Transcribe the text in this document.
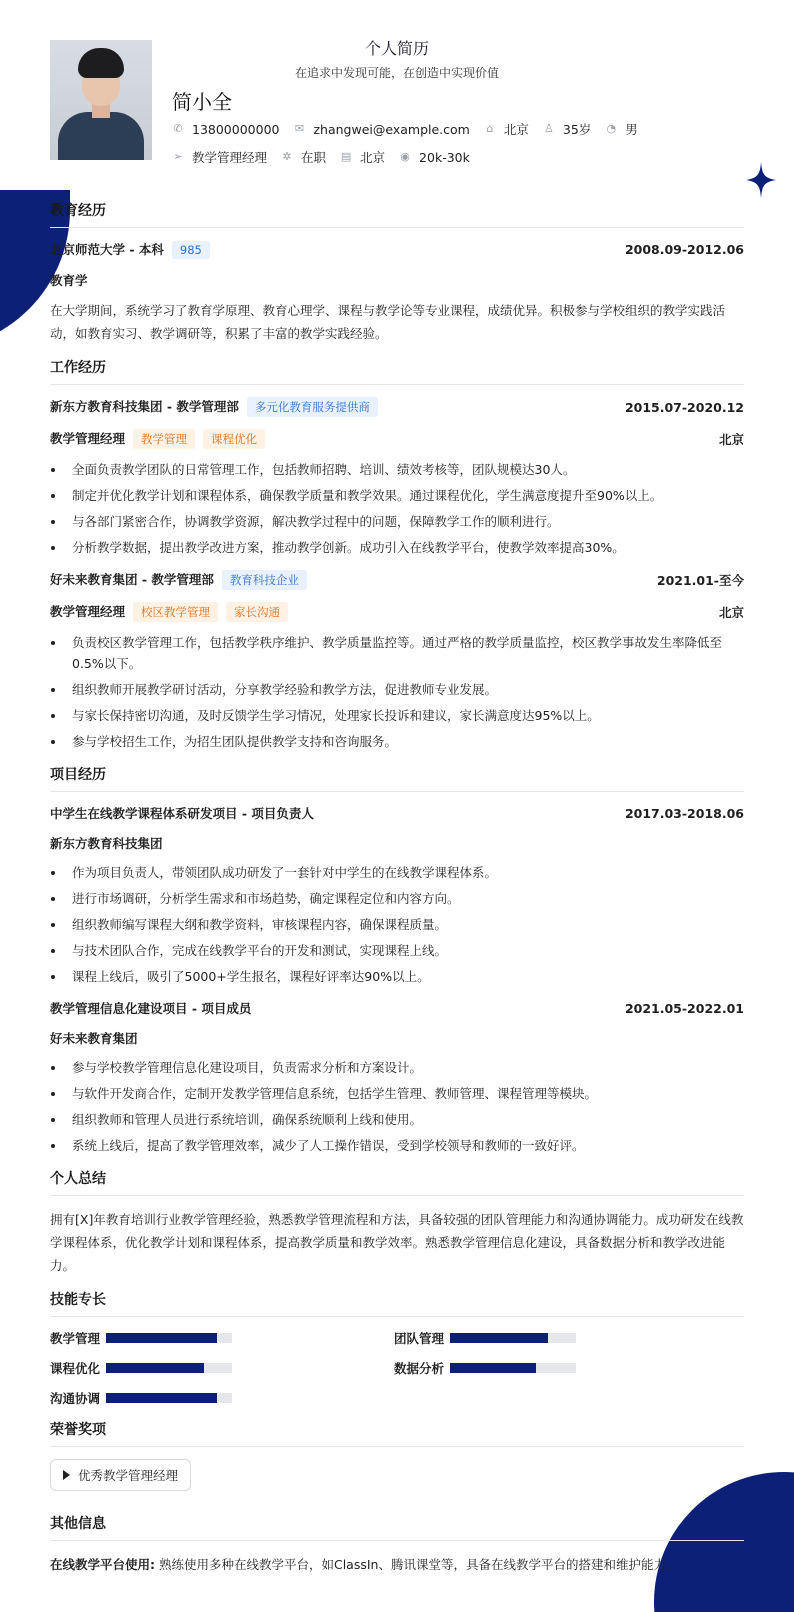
个人简历
在追求中发现可能，在创造中实现价值
简小全
✆ 13800000000 ✉ zhangwei@example.com ⌂ 北京 ♙ 35岁 ◔ 男
➢ 教学管理经理 ✲ 在职 ▤ 北京 ◉ 20k-30k
教育经历
北京师范大学 - 本科 985	2008.09-2012.06
教育学
在大学期间，系统学习了教育学原理、教育心理学、课程与教学论等专业课程，成绩优异。积极参与学校组织的教学实践活动，如教育实习、教学调研等，积累了丰富的教学实践经验。
工作经历
新东方教育科技集团 - 教学管理部 多元化教育服务提供商	2015.07-2020.12
教学管理经理 教学管理 课程优化	北京
全面负责教学团队的日常管理工作，包括教师招聘、培训、绩效考核等，团队规模达30人。
制定并优化教学计划和课程体系，确保教学质量和教学效果。通过课程优化，学生满意度提升至90%以上。
与各部门紧密合作，协调教学资源，解决教学过程中的问题，保障教学工作的顺利进行。
分析教学数据，提出教学改进方案，推动教学创新。成功引入在线教学平台，使教学效率提高30%。
好未来教育集团 - 教学管理部 教育科技企业	2021.01-至今
教学管理经理 校区教学管理 家长沟通	北京
负责校区教学管理工作，包括教学秩序维护、教学质量监控等。通过严格的教学质量监控，校区教学事故发生率降低至0.5%以下。
组织教师开展教学研讨活动，分享教学经验和教学方法，促进教师专业发展。
与家长保持密切沟通，及时反馈学生学习情况，处理家长投诉和建议，家长满意度达95%以上。
参与学校招生工作，为招生团队提供教学支持和咨询服务。
项目经历
中学生在线教学课程体系研发项目 - 项目负责人	2017.03-2018.06
新东方教育科技集团
作为项目负责人，带领团队成功研发了一套针对中学生的在线教学课程体系。
进行市场调研，分析学生需求和市场趋势，确定课程定位和内容方向。
组织教师编写课程大纲和教学资料，审核课程内容，确保课程质量。
与技术团队合作，完成在线教学平台的开发和测试，实现课程上线。
课程上线后，吸引了5000+学生报名，课程好评率达90%以上。
教学管理信息化建设项目 - 项目成员	2021.05-2022.01
好未来教育集团
参与学校教学管理信息化建设项目，负责需求分析和方案设计。
与软件开发商合作，定制开发教学管理信息系统，包括学生管理、教师管理、课程管理等模块。
组织教师和管理人员进行系统培训，确保系统顺利上线和使用。
系统上线后，提高了教学管理效率，减少了人工操作错误，受到学校领导和教师的一致好评。
个人总结
拥有[X]年教育培训行业教学管理经验，熟悉教学管理流程和方法，具备较强的团队管理能力和沟通协调能力。成功研发在线教学课程体系，优化教学计划和课程体系，提高教学质量和教学效率。熟悉教学管理信息化建设，具备数据分析和教学改进能力。
技能专长
教学管理	团队管理
课程优化	数据分析
沟通协调
荣誉奖项
优秀教学管理经理
其他信息
在线教学平台使用: 熟练使用多种在线教学平台，如ClassIn、腾讯课堂等，具备在线教学平台的搭建和维护能力。
